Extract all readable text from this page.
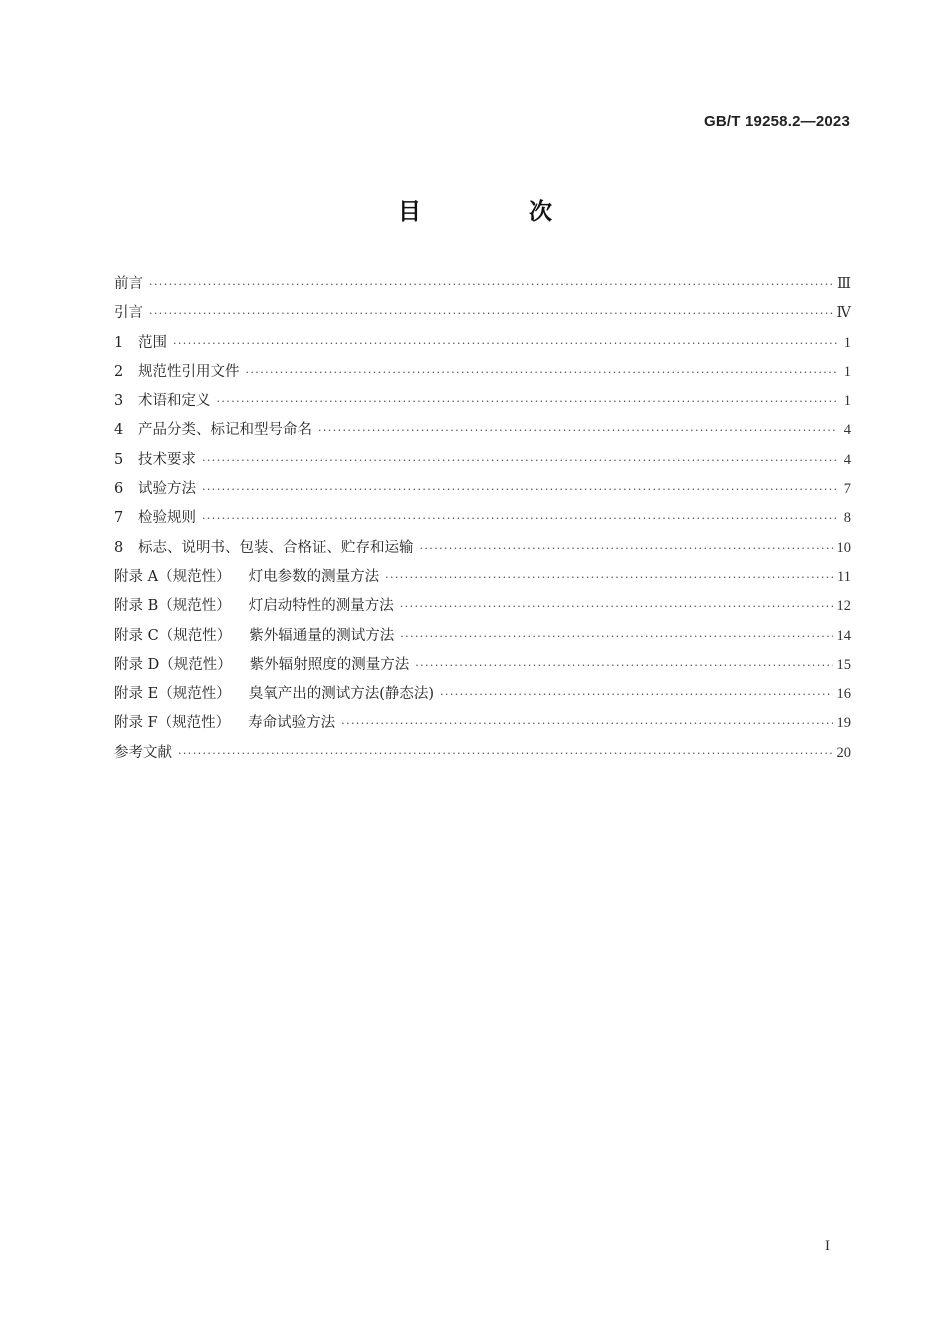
GB/T 19258.2—2023
目 次
前言 ·····	Ⅲ
引言 ·····	Ⅳ
1	范围 ·····	1
2	规范性引用文件 ·····	1
3	术语和定义 ·····	1
4	产品分类、标记和型号命名 ·····	4
5	技术要求 ·····	4
6	试验方法 ·····	7
7	检验规则 ·····	8
8	标志、说明书、包装、合格证、贮存和运输 ·····	10
附录 A（规范性） 灯电参数的测量方法 ·····	11
附录 B（规范性） 灯启动特性的测量方法 ·····	12
附录 C（规范性） 紫外辐通量的测试方法 ·····	14
附录 D（规范性） 紫外辐射照度的测量方法 ·····	15
附录 E（规范性） 臭氧产出的测试方法(静态法) ·····	16
附录 F（规范性） 寿命试验方法 ·····	19
参考文献 ·····	20
I
